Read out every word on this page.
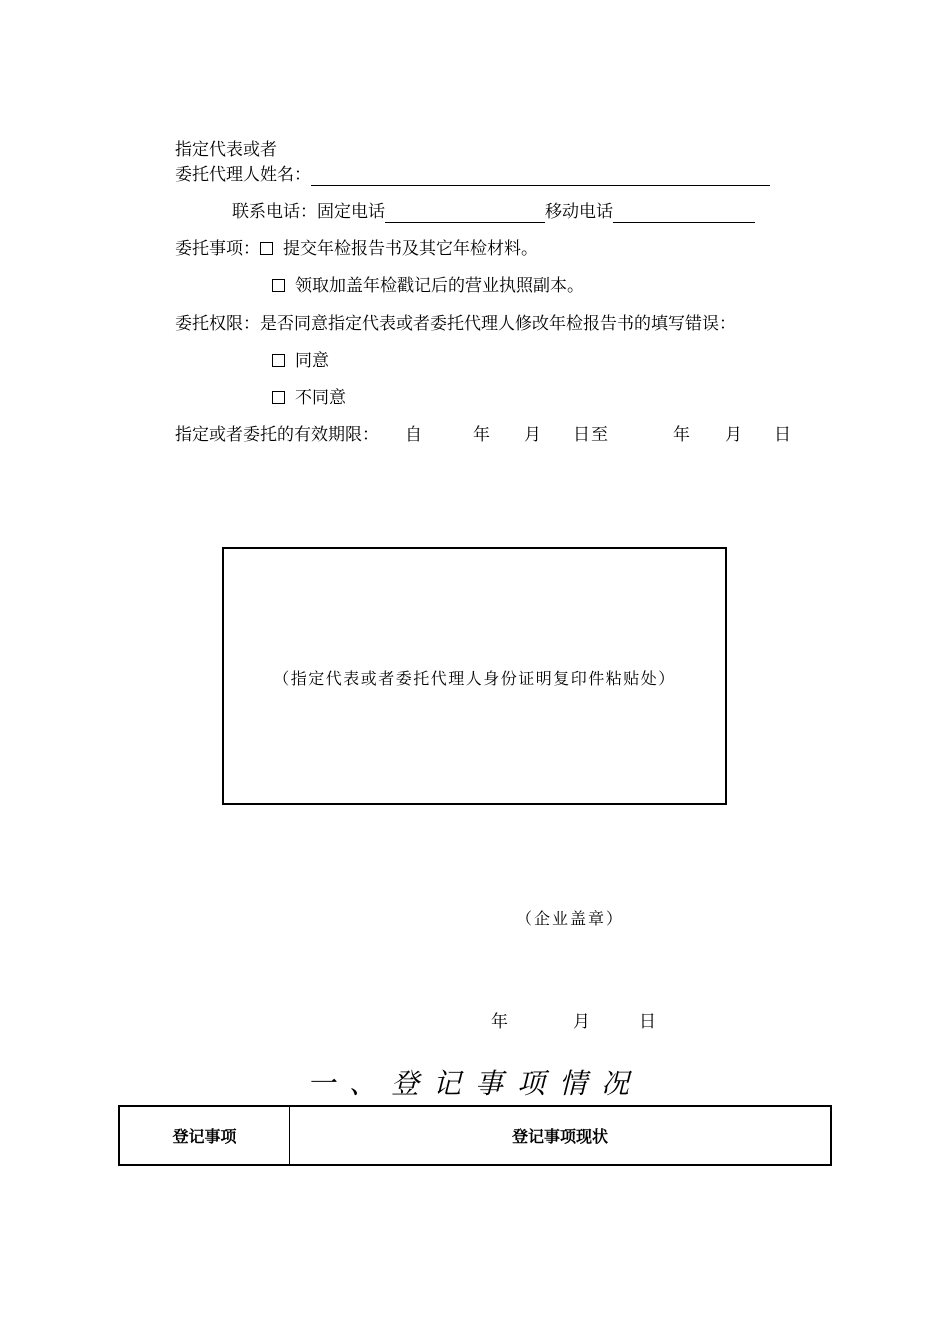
指定代表或者
委托代理人姓名：
联系电话：固定电话	移动电话
委托事项： 提交年检报告书及其它年检材料。
领取加盖年检戳记后的营业执照副本。
委托权限：是否同意指定代表或者委托代理人修改年检报告书的填写错误：
同意
不同意
指定或者委托的有效期限： 自	年 月 日 至	年 月 日
（指定代表或者委托代理人身份证明复印件粘贴处）
（企业盖章）
年	月	日
一、登记事项情况
登记事项	登记事项现状
